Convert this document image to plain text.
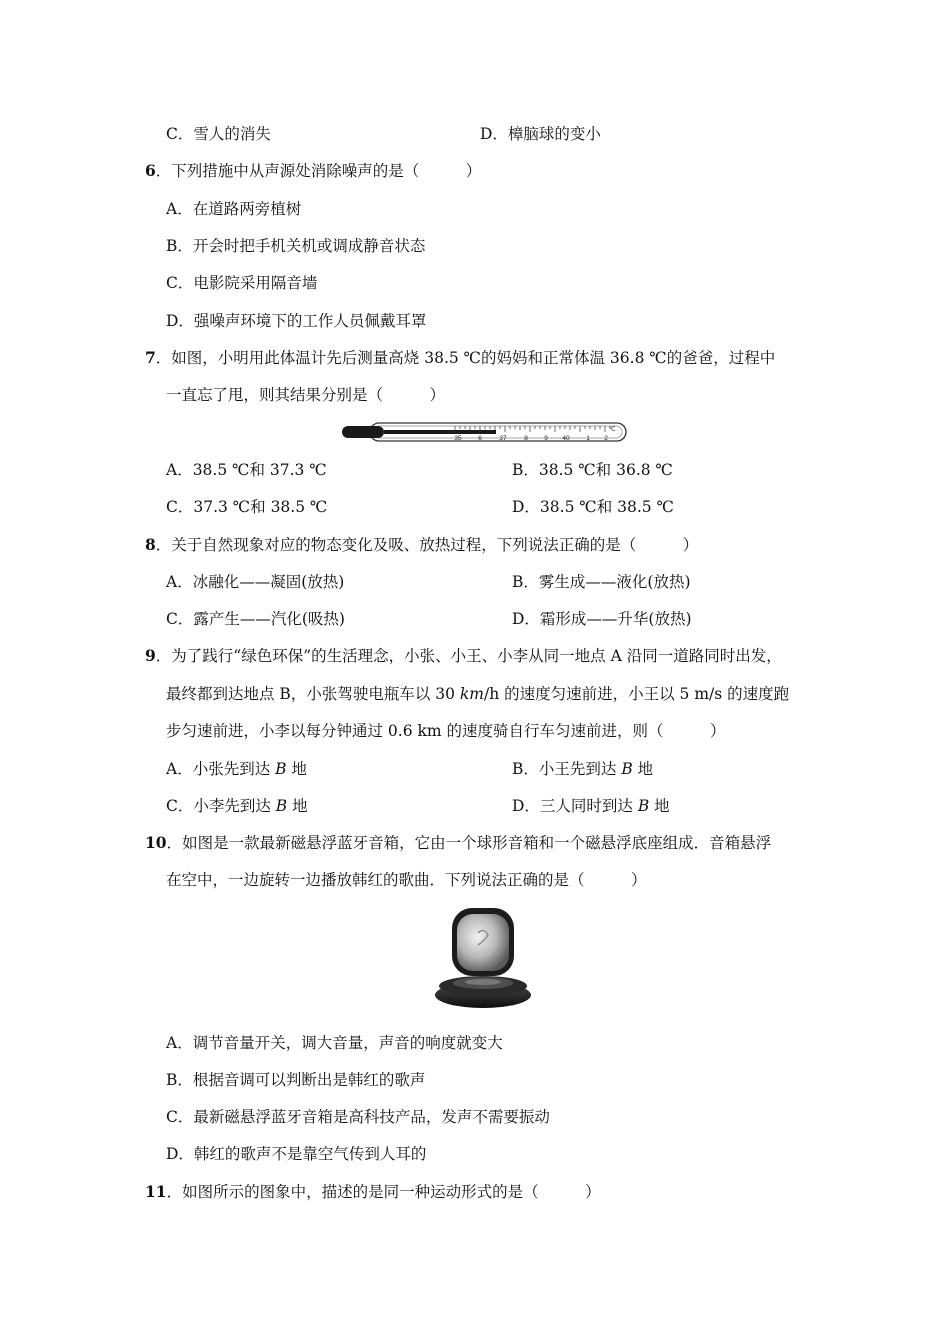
C．雪人的消失	D．樟脑球的变小
6．下列措施中从声源处消除噪声的是（　　　）
A．在道路两旁植树
B．开会时把手机关机或调成静音状态
C．电影院采用隔音墙
D．强噪声环境下的工作人员佩戴耳罩
7．如图，小明用此体温计先后测量高烧 38.5 ℃的妈妈和正常体温 36.8 ℃的爸爸，过程中
一直忘了甩，则其结果分别是（　　　）
35	6	37	8	9 40	1 2
℃
A．38.5 ℃和 37.3 ℃	B．38.5 ℃和 36.8 ℃
C．37.3 ℃和 38.5 ℃	D．38.5 ℃和 38.5 ℃
8．关于自然现象对应的物态变化及吸、放热过程，下列说法正确的是（　　　）
A．冰融化——凝固(放热)	B．雾生成——液化(放热)
C．露产生——汽化(吸热)	D．霜形成——升华(放热)
9．为了践行“绿色环保”的生活理念，小张、小王、小李从同一地点 A 沿同一道路同时出发，
最终都到达地点 B，小张驾驶电瓶车以 30 km/h 的速度匀速前进，小王以 5 m/s 的速度跑
步匀速前进，小李以每分钟通过 0.6 km 的速度骑自行车匀速前进，则（　　　）
A．小张先到达 B 地	B．小王先到达 B 地
C．小李先到达 B 地	D．三人同时到达 B 地
10．如图是一款最新磁悬浮蓝牙音箱，它由一个球形音箱和一个磁悬浮底座组成．音箱悬浮
在空中，一边旋转一边播放韩红的歌曲．下列说法正确的是（　　　）
A．调节音量开关，调大音量，声音的响度就变大
B．根据音调可以判断出是韩红的歌声
C．最新磁悬浮蓝牙音箱是高科技产品，发声不需要振动
D．韩红的歌声不是靠空气传到人耳的
11．如图所示的图象中，描述的是同一种运动形式的是（　　　）
